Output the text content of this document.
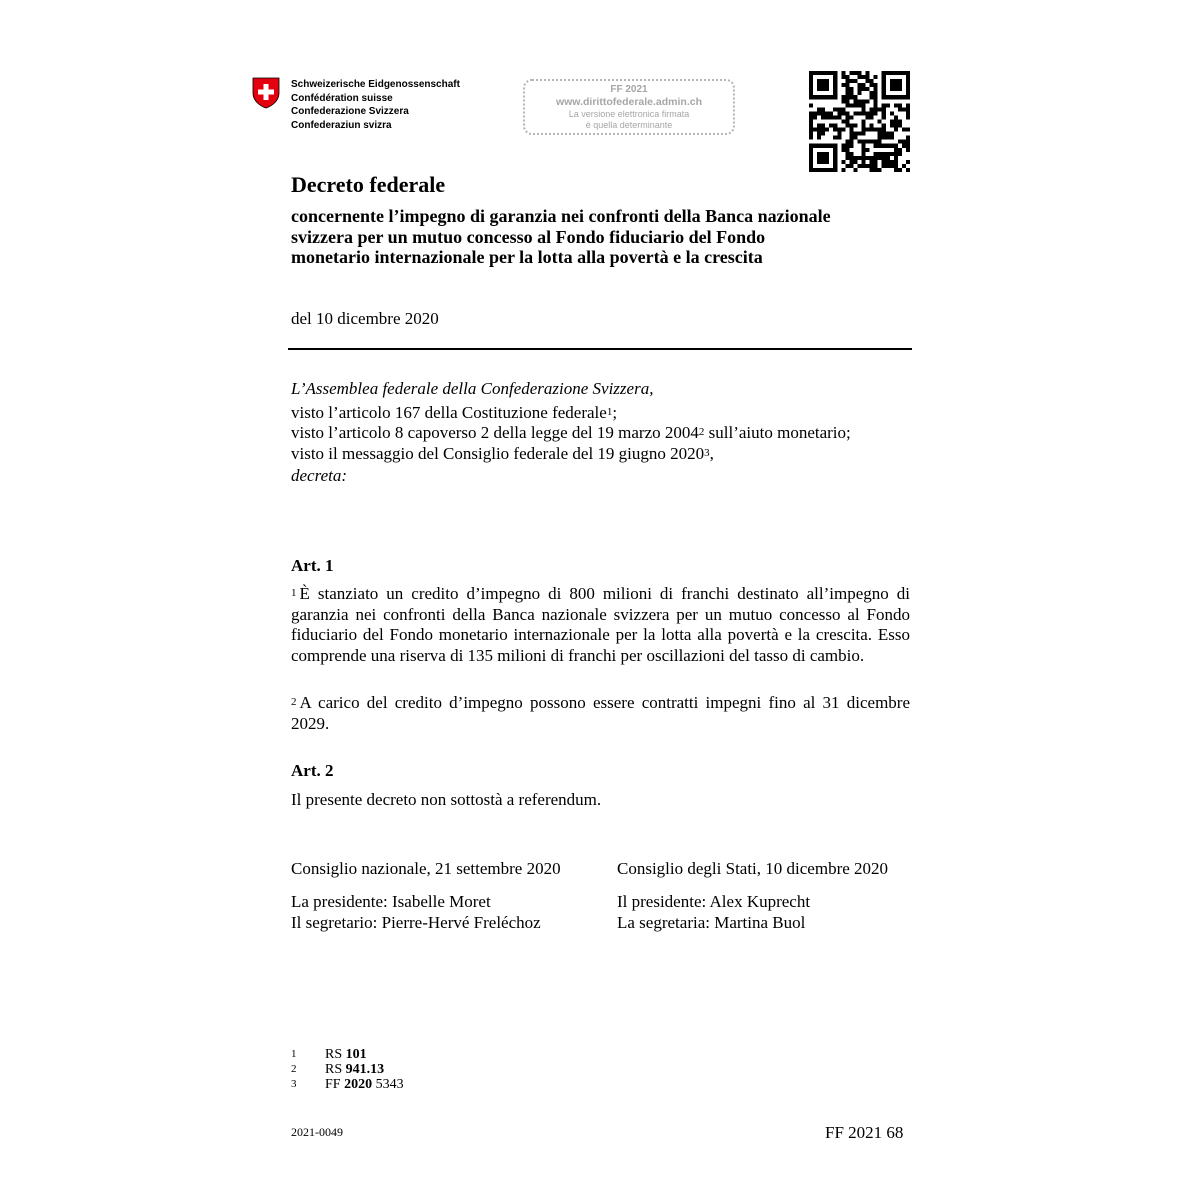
Schweizerische Eidgenossenschaft
Confédération suisse
Confederazione Svizzera
Confederaziun svizra
FF 2021
www.dirittofederale.admin.ch
La versione elettronica firmata
è quella determinante
Decreto federale
concernente l’impegno di garanzia nei confronti della Banca nazionale
svizzera per un mutuo concesso al Fondo fiduciario del Fondo
monetario internazionale per la lotta alla povertà e la crescita
del 10 dicembre 2020
L’Assemblea federale della Confederazione Svizzera,
visto l’articolo 167 della Costituzione federale$^1$;
visto l’articolo 8 capoverso 2 della legge del 19 marzo 2004$^2$ sull’aiuto monetario;
visto il messaggio del Consiglio federale del 19 giugno 2020$^3$,
decreta:
Art. 1
$^1$ È stanziato un credito d’impegno di 800 milioni di franchi destinato all’impegno di garanzia nei confronti della Banca nazionale svizzera per un mutuo concesso al Fondo fiduciario del Fondo monetario internazionale per la lotta alla povertà e la crescita. Esso comprende una riserva di 135 milioni di franchi per oscillazioni del tasso di cambio.
$^2$ A carico del credito d’impegno possono essere contratti impegni fino al 31 dicembre 2029.
Art. 2
Il presente decreto non sottostà a referendum.
Consiglio nazionale, 21 settembre 2020
La presidente: Isabelle Moret
Il segretario: Pierre-Hervé Freléchoz
Consiglio degli Stati, 10 dicembre 2020
Il presidente: Alex Kuprecht
La segretaria: Martina Buol
1 RS 101
2 RS 941.13
3 FF 2020 5343
2021-0049	FF 2021 68
